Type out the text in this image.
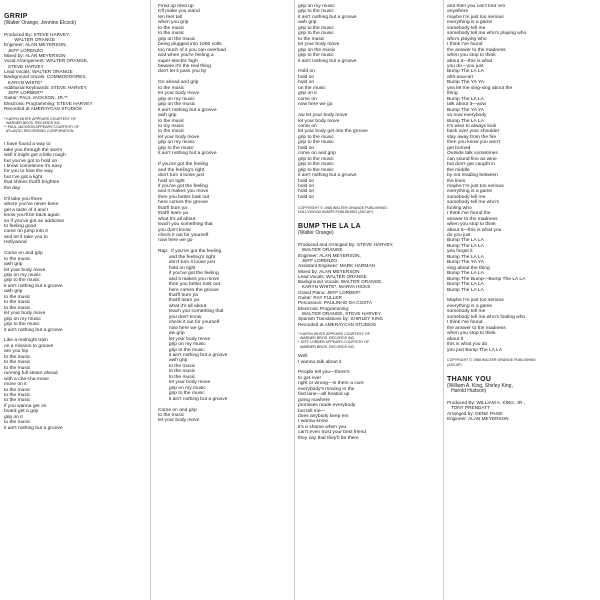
GRRIP
(Walter Orange, Jennine Elcock)
Produced By: STEVE HARVEY,
WALTER ORANGE
Engineer: ALAN MEYERSON,
JEFF LORENZO
Mixed by: ALAN MEYERSON
Vocal Arrangement: WALTER ORANGE,
STEVE HARVEY
Lead Vocals: WALTER ORANGE
Background Vocals: COMMODOORES,
KARYN WHITE*
Additional Keyboards: STEVE HARVEY,
JEFF LORBER**
Guitar: PAUL JACKSON, JR.**
Electronic Programming: STEVE HARVEY
Recorded at AMERAYCAN STUDIOS
* KARYN WHITE APPEARS COURTESY OF
WARNER BROS. RECORDS INC.
** PAUL JACKSON APPEARS COURTESY OF
ATLANTIC RECORDING CORPORATION
I have found a way to
take you through the storm
well it might get a little rough
but you've got to hold on
I know sometimes it's easy
for you to lose the way
but I've got a light
that shines that'll brighten
the day

It'll take you there
where you've never been
get a taste of it and I
know you'll be back again
so if you've got an addiction
to feeling good
come on jump into it
and let it take you to
Hollywood

Come on and grip
to the music
awh grip
let your body move
grip on my music
grip to the music
it ain't nothing but a groove
awh grip
to the music
to the music
to the music
let your body move
grip on my music
grip to the music
it ain't nothing but a groove

Like a midnight train
on a mission to groove
are you hip
to the music
to the music
to the music
running full steam ahead
with a cha-cha move
move on it
to the music
to the music
to the music
if you wanna get on
board get a grip
grip on it
to the music
it ain't nothing but a groove
Fired up fired up
It'll make you stand
ten feet tall
when you grip
to the music
to the music
grip on the music
being plugged into 1000 volts
too much of it you can overload
and when you're feeling a
super electric high
beware it's the real thing
don't let it pass you by

Go ahead and grip
to the music
let your body move
grip on my music
grip on the music
it ain't nothing but a groove
awh grip
to the music
to my music
to the music
let your body move
grip on my music
grip to the music
it ain't nothing but a groove

If you've got the feeling
and the feeling's right
don't turn it loose just
hold on tight
if you've got the feeling
and it makes you move
then you better look out
here comes the groove
that'll burn ya
that'll learn ya
what it's all about
teach you something that
you don't know
check it out for yourself
now here we go

Rap:  If you've got the feeling
and the feeling's right
don't turn it loose just
hold on tight
if you've got the feeling
and it makes you move
then you better look out
here comes the groove
that'll burn ya
that'll learn ya
what it's all about
teach you something that
you don't know
check it out for yourself
now here we go
aw grip
let your body move
grip on my music
grip to the music
it ain't nothing but a groove
awh grip
to the music
to the music
to the music
let your body move
grip on my music
grip to the music
it ain't nothing but a groove

Come on and grip
to the music
let your body move
grip on my music
grip to the music
it ain't nothing but a groove
awh grip
grip to the music
grip to the music
to the music
let your body move
grip on the music
grip to the music
it ain't nothing but a groove

Hold on
hold on
hold on
on the music
grip on it
come on
now here we go

Aw let your body move
let your body move
come on
let your body get into the groove
grip to the music
grip to the music
hold on
come on and grip
grip to the music
grip to the music
grip to the music
it ain't nothing but a groove
hold on
hold on
hold on
hold on
COPYRIGHT © 1988 WALTER ORANGE PUBLISHING;
HOLLYWOOD AVAIRS PUBLISHING (ASCAP)
BUMP THE LA LA
(Walter Orange)
Produced and Arranged By: STEVE HARVEY,
WALTER ORANGE
Engineer: ALAN MEYERSON,
JEFF LORENZO
Assistant Engineer: MARK HARMAN
Mixed by: ALAN MEYERSON
Lead Vocals: WALTER ORANGE
Background Vocals: WALTER ORANGE,
KARYN WHITE*, MARVA HICKS
Grand Piano: JEFF LORBER*
Guitar: RAY FULLER
Percussion: PAULINHO DA COSTA
Electronic Programming:
WALTER ORANGE, STEVE HARVEY
Spanish Translations by: SHIRLEY KING
Recorded at AMERAYCAN STUDIOS
* KARYN WHITE APPEARS COURTESY OF
WARNER BROS. RECORDS INC.
* JEFF LORBER APPEARS COURTESY OF
WARNER BROS. RECORDS INC.
Well
I wanna talk about it

People tell you—there's
to get over
right or wrong—is there a cure
everybody's moving in the
fast lane—all heated up
going nowhere
promises made everybody
but tell me—
does anybody keep em
I wanna know
it's a shame when you
can't even trust your best friend
they say that they'll be there
and then you can't find 'em
anywhere
maybe I'm just too serious
everything is a game
somebody tell me
somebody tell me who's playing who
who's playing who
I think I've found
the answer to the madness
when you stop to think
about it—this is what
you do—you just
Bump The LA LA
ahh-aow-arr
Bump The YA YA
yea let me sing-sing about the
thing
Bump The LA LA
talk about it—aow
Bump The YA YA
so now everybody
Bump The LA LA
It's wise to always look
back over your shoulder
stay away from the fire
then you know you won't
get burned
Outside talk sometimes
can sound fine as wine
but don't get caught in
the middle
by not reading between
the lines
maybe I'm just too serious
everything is a game
somebody tell me
somebody tell me who's
fooling who
I think I've found the
answer to the madness
when you stop to think
about it—this is what you
do you just
Bump The LA LA
Bump The LA LA
yea forget it
Bump The LA LA
Bump The YA YA
sing about the thing
Bump The LA LA
Bump The Bump—Bump The LA LA
Bump The LA LA
Bump The LA LA

Maybe I'm just too serious
everything is a game
somebody tell me
somebody tell me who's fooling who
I think I've found
the answer to the madness
when you stop to think
about it
this is what you do
you just Bump The LA LA
COPYRIGHT © 1988 WALTER ORANGE PUBLISHING
(ASCAP)
THANK YOU
(William A. King, Shirley King,
Harold Hudson)
Produced By: WILLIAM A. KING, JR.,
TONY PRENDATT
Arranged by: GENE PAGE
Engineer: ALAN MEYERSON
